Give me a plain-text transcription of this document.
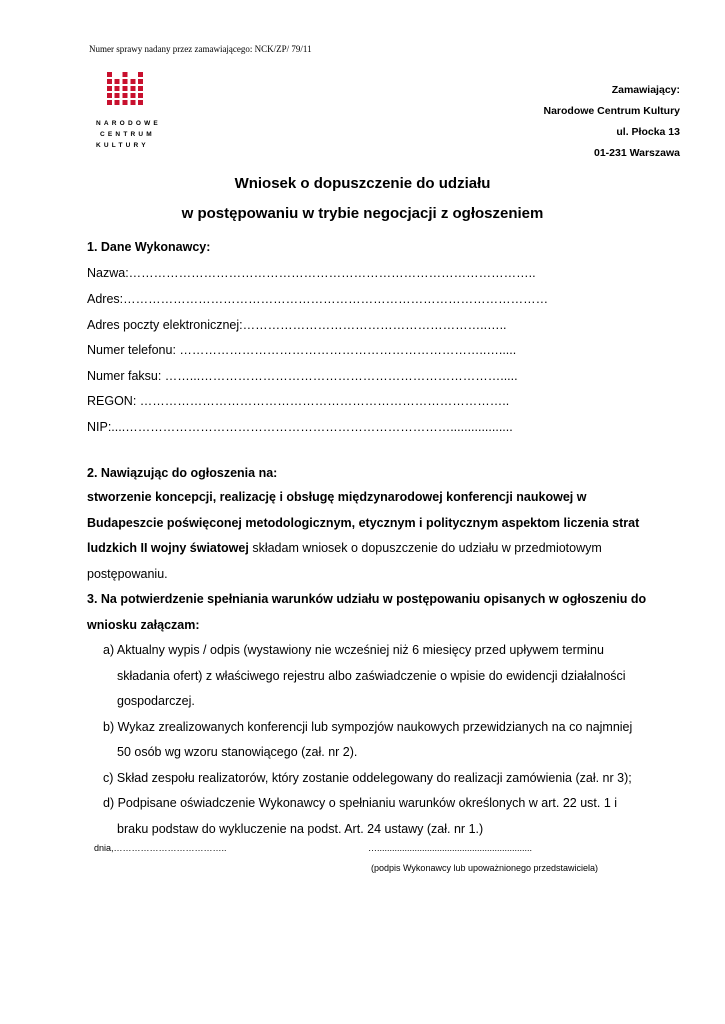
Numer sprawy nadany przez zamawiającego: NCK/ZP/ 79/11
NARODOWE
CENTRUM
KULTURY
Zamawiający:
Narodowe Centrum Kultury
ul. Płocka 13
01-231 Warszawa
Wniosek o dopuszczenie do udziału
w postępowaniu w trybie negocjacji z ogłoszeniem
1. Dane Wykonawcy:
Nazwa:……………………………………………………………………………………..
Adres:…………………………………………………………………………………………
Adres poczty elektronicznej:…………………………………………………..…..
Numer telefonu: ………………………………………………………………..….....
Numer faksu: ……...……………………………………………………………….....
REGON: ……………………………………………………………………………..
NIP:....……………………………………………………………………..................
2. Nawiązując do ogłoszenia na:
stworzenie koncepcji, realizację i obsługę międzynarodowej konferencji naukowej w Budapeszcie poświęconej metodologicznym, etycznym i politycznym aspektom liczenia strat ludzkich II wojny światowej składam wniosek o dopuszczenie do udziału w przedmiotowym postępowaniu.
3. Na potwierdzenie spełniania warunków udziału w postępowaniu opisanych w ogłoszeniu do wniosku załączam:
a) Aktualny wypis / odpis (wystawiony nie wcześniej niż 6 miesięcy przed upływem terminu składania ofert) z właściwego rejestru albo zaświadczenie o wpisie do ewidencji działalności gospodarczej.
b) Wykaz zrealizowanych konferencji lub sympozjów naukowych przewidzianych na co najmniej 50 osób wg wzoru stanowiącego (zał. nr 2).
c) Skład zespołu realizatorów, który zostanie oddelegowany do realizacji zamówienia (zał. nr 3);
d) Podpisane oświadczenie Wykonawcy o spełnianiu warunków określonych w art. 22 ust. 1 i braku podstaw do wykluczenie na podst. Art. 24 ustawy (zał. nr 1.)
dnia,………………………………..	…..............................................................
(podpis Wykonawcy lub upoważnionego przedstawiciela)
